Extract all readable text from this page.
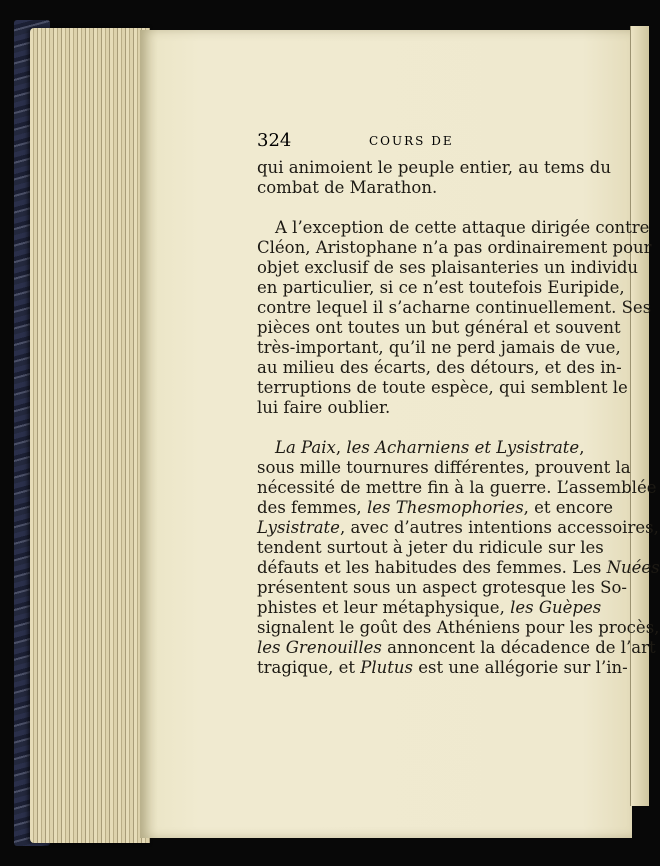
324	COURS DE
qui animoient le peuple entier, au tems du
combat de Marathon.
A l’exception de cette attaque dirigée contre
Cléon, Aristophane n’a pas ordinairement pour
objet exclusif de ses plaisanteries un individu
en particulier, si ce n’est toutefois Euripide,
contre lequel il s’acharne continuellement. Ses
pièces ont toutes un but général et souvent
très-important, qu’il ne perd jamais de vue,
au milieu des écarts, des détours, et des in-
terruptions de toute espèce, qui semblent le
lui faire oublier.
La Paix, les Acharniens et Lysistrate,
sous mille tournures différentes, prouvent la
nécessité de mettre fin à la guerre. L’assemblée
des femmes, les Thesmophories, et encore
Lysistrate, avec d’autres intentions accessoires,
tendent surtout à jeter du ridicule sur les
défauts et les habitudes des femmes. Les Nuées
présentent sous un aspect grotesque les So-
phistes et leur métaphysique, les Guèpes
signalent le goût des Athéniens pour les procès,
les Grenouilles annoncent la décadence de l’art
tragique, et Plutus est une allégorie sur l’in-
